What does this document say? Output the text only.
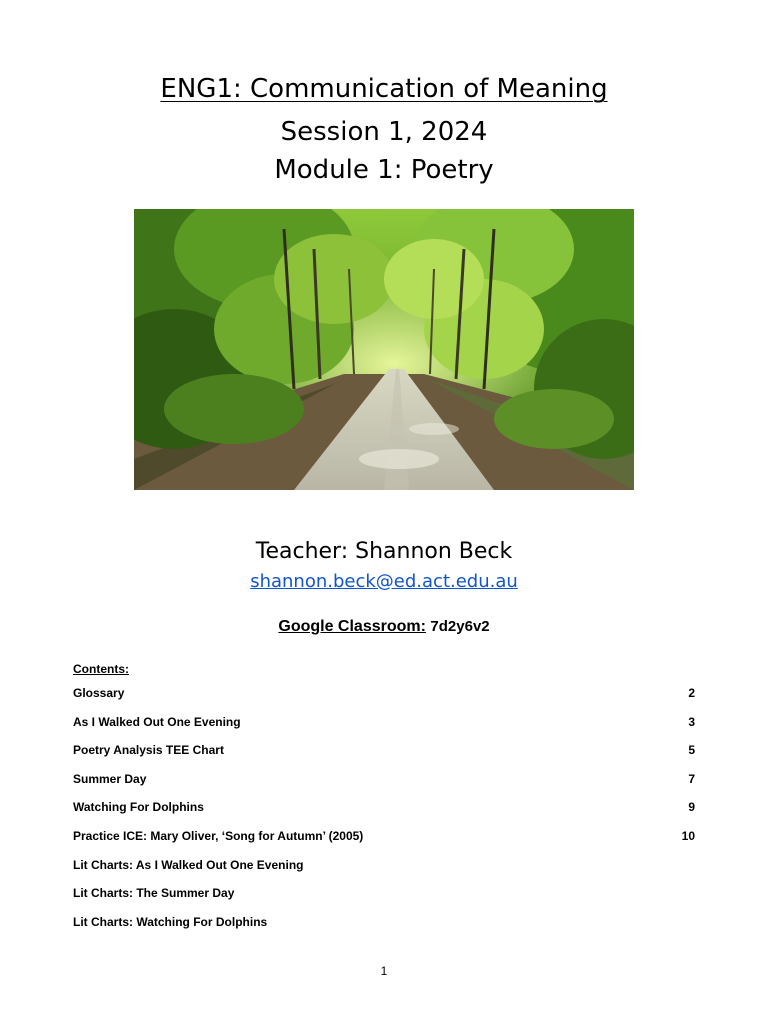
ENG1: Communication of Meaning
Session 1, 2024
Module 1: Poetry
Teacher: Shannon Beck
shannon.beck@ed.act.edu.au
Google Classroom: 7d2y6v2
Contents:
Glossary	2
As I Walked Out One Evening	3
Poetry Analysis TEE Chart	5
Summer Day	7
Watching For Dolphins	9
Practice ICE: Mary Oliver, ‘Song for Autumn’ (2005)	10
Lit Charts: As I Walked Out One Evening
Lit Charts: The Summer Day
Lit Charts: Watching For Dolphins
1
